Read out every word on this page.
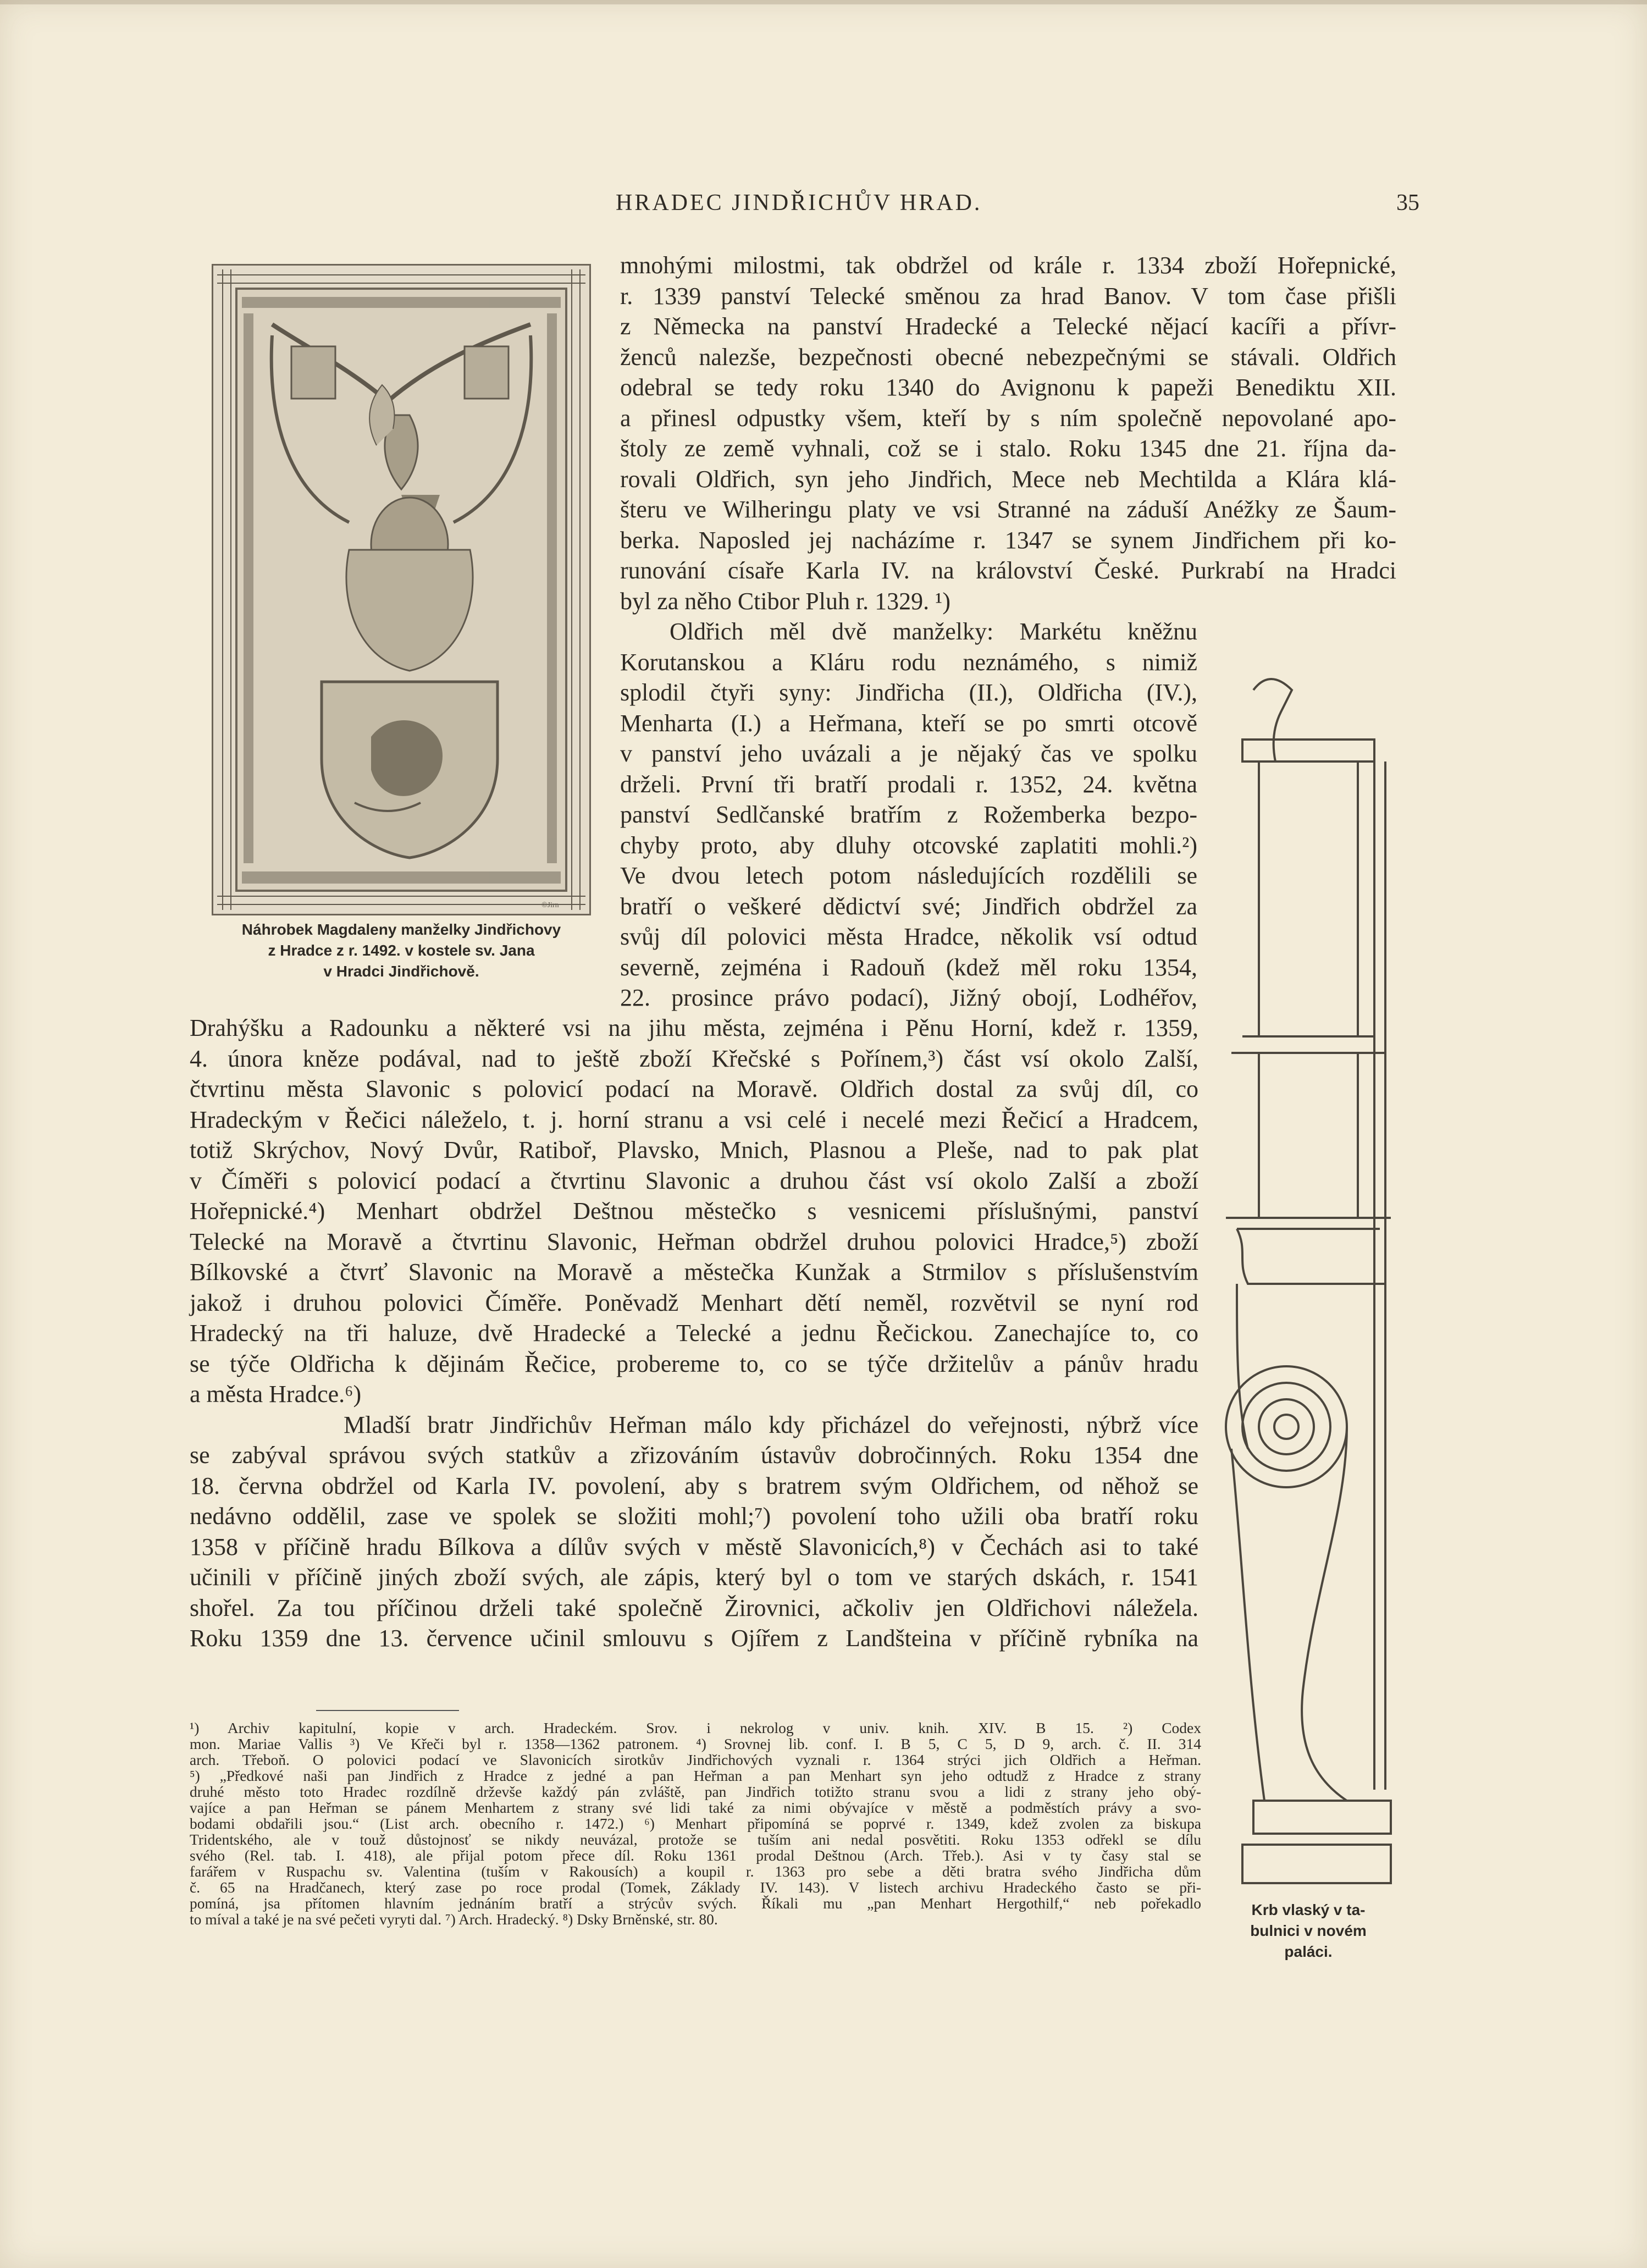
HRADEC JINDŘICHŮV HRAD.	35
©Jirn
Náhrobek Magdaleny manželky Jindřichovy
z Hradce z r. 1492. v kostele sv. Jana
v Hradci Jindřichově.
Krb vlaský v ta-
bulnici v novém
paláci.
mnohými milostmi, tak obdržel od krále r. 1334 zboží Hořepnické,
r. 1339 panství Telecké směnou za hrad Banov. V tom čase přišli
z Německa na panství Hradecké a Telecké nějací kacíři a přívr-
ženců nalezše, bezpečnosti obecné nebezpečnými se stávali. Oldřich
odebral se tedy roku 1340 do Avignonu k papeži Benediktu XII.
a přinesl odpustky všem, kteří by s ním společně nepovolané apo-
štoly ze země vyhnali, což se i stalo. Roku 1345 dne 21. října da-
rovali Oldřich, syn jeho Jindřich, Mece neb Mechtilda a Klára klá-
šteru ve Wilheringu platy ve vsi Stranné na záduší Anéžky ze Šaum-
berka. Naposled jej nacházíme r. 1347 se synem Jindřichem při ko-
runování císaře Karla IV. na království České. Purkrabí na Hradci
byl za něho Ctibor Pluh r. 1329. ¹)
Oldřich měl dvě manželky: Markétu kněžnu
Korutanskou a Kláru rodu neznámého, s nimiž
splodil čtyři syny: Jindřicha (II.), Oldřicha (IV.),
Menharta (I.) a Heřmana, kteří se po smrti otcově
v panství jeho uvázali a je nějaký čas ve spolku
drželi. První tři bratří prodali r. 1352, 24. května
panství Sedlčanské bratřím z Rožemberka bezpo-
chyby proto, aby dluhy otcovské zaplatiti mohli.²)
Ve dvou letech potom následujících rozdělili se
bratří o veškeré dědictví své; Jindřich obdržel za
svůj díl polovici města Hradce, několik vsí odtud
severně, zejména i Radouň (kdež měl roku 1354,
22. prosince právo podací), Jižný obojí, Lodhéřov,
Drahýšku a Radounku a některé vsi na jihu města, zejména i Pěnu Horní, kdež r. 1359,
4. února kněze podával, nad to ještě zboží Křečské s Pořínem,³) část vsí okolo Zalší,
čtvrtinu města Slavonic s polovicí podací na Moravě. Oldřich dostal za svůj díl, co
Hradeckým v Řečici náleželo, t. j. horní stranu a vsi celé i necelé mezi Řečicí a Hradcem,
totiž Skrýchov, Nový Dvůr, Ratiboř, Plavsko, Mnich, Plasnou a Pleše, nad to pak plat
v Číměři s polovicí podací a čtvrtinu Slavonic a druhou část vsí okolo Zalší a zboží
Hořepnické.⁴) Menhart obdržel Deštnou městečko s vesnicemi příslušnými, panství
Telecké na Moravě a čtvrtinu Slavonic, Heřman obdržel druhou polovici Hradce,⁵) zboží
Bílkovské a čtvrť Slavonic na Moravě a městečka Kunžak a Strmilov s příslušenstvím
jakož i druhou polovici Číměře. Poněvadž Menhart dětí neměl, rozvětvil se nyní rod
Hradecký na tři haluze, dvě Hradecké a Telecké a jednu Řečickou. Zanechajíce to, co
se týče Oldřicha k dějinám Řečice, probereme to, co se týče držitelův a pánův hradu
a města Hradce.⁶)
Mladší bratr Jindřichův Heřman málo kdy přicházel do veřejnosti, nýbrž více
se zabýval správou svých statkův a zřizováním ústavův dobročinných. Roku 1354 dne
18. června obdržel od Karla IV. povolení, aby s bratrem svým Oldřichem, od něhož se
nedávno oddělil, zase ve spolek se složiti mohl;⁷) povolení toho užili oba bratří roku
1358 v příčině hradu Bílkova a dílův svých v městě Slavonicích,⁸) v Čechách asi to také
učinili v příčině jiných zboží svých, ale zápis, který byl o tom ve starých dskách, r. 1541
shořel. Za tou příčinou drželi také společně Žirovnici, ačkoliv jen Oldřichovi náležela.
Roku 1359 dne 13. července učinil smlouvu s Ojířem z Landšteina v příčině rybníka na
¹) Archiv kapitulní, kopie v arch. Hradeckém. Srov. i nekrolog v univ. knih. XIV. B 15. ²) Codex
mon. Mariae Vallis ³) Ve Křeči byl r. 1358—1362 patronem. ⁴) Srovnej lib. conf. I. B 5, C 5, D 9, arch. č. II. 314
arch. Třeboň. O polovici podací ve Slavonicích sirotkův Jindřichových vyznali r. 1364 strýci jich Oldřich a Heřman.
⁵) „Předkové naši pan Jindřich z Hradce z jedné a pan Heřman a pan Menhart syn jeho odtudž z Hradce z strany
druhé město toto Hradec rozdílně drževše každý pán zvláště, pan Jindřich totižto stranu svou a lidi z strany jeho obý-
vajíce a pan Heřman se pánem Menhartem z strany své lidi také za nimi obývajíce v městě a podměstích právy a svo-
bodami obdařili jsou.“ (List arch. obecního r. 1472.) ⁶) Menhart připomíná se poprvé r. 1349, kdež zvolen za biskupa
Tridentského, ale v touž důstojnosť se nikdy neuvázal, protože se tuším ani nedal posvětiti. Roku 1353 odřekl se dílu
svého (Rel. tab. I. 418), ale přijal potom přece díl. Roku 1361 prodal Deštnou (Arch. Třeb.). Asi v ty časy stal se
farářem v Ruspachu sv. Valentina (tuším v Rakousích) a koupil r. 1363 pro sebe a děti bratra svého Jindřicha dům
č. 65 na Hradčanech, který zase po roce prodal (Tomek, Základy IV. 143). V listech archivu Hradeckého často se při-
pomíná, jsa přítomen hlavním jednáním bratří a strýcův svých. Říkali mu „pan Menhart Hergothilf,“ neb pořekadlo
to míval a také je na své pečeti vyryti dal. ⁷) Arch. Hradecký. ⁸) Dsky Brněnské, str. 80.
